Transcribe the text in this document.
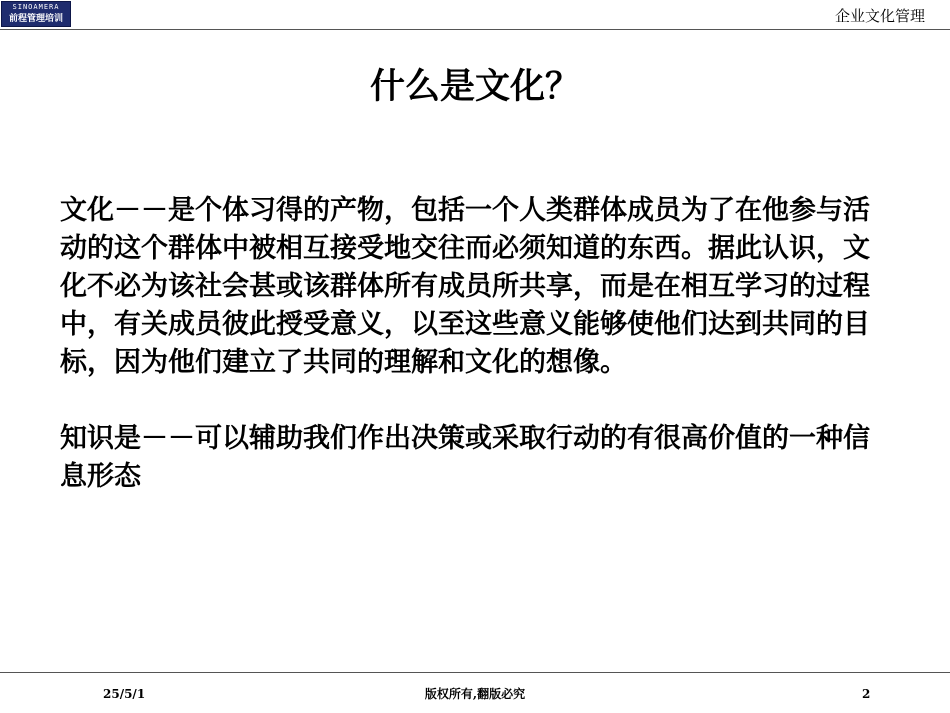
SINOAMERA
前程管理培训	企业文化管理
什么是文化？

文化－－是个体习得的产物，包括一个人类群体成员为了在他参与活动的这个群体中被相互接受地交往而必须知道的东西。据此认识，文化不必为该社会甚或该群体所有成员所共享，而是在相互学习的过程中，有关成员彼此授受意义，以至这些意义能够使他们达到共同的目标，因为他们建立了共同的理解和文化的想像。

知识是－－可以辅助我们作出决策或采取行动的有很高价值的一种信息形态

25/5/1	版权所有,翻版必究	2
